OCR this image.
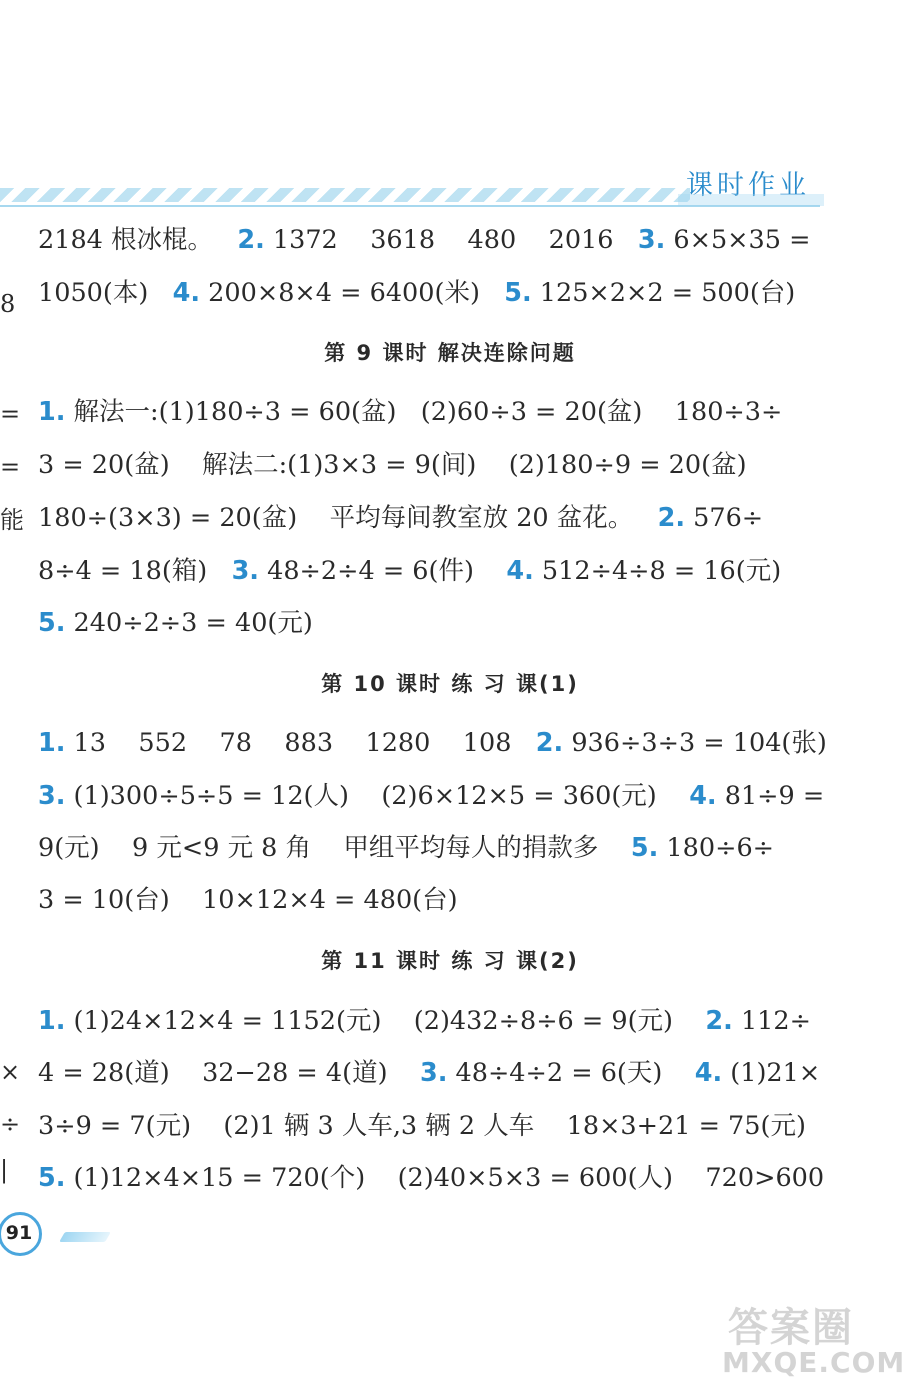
课时作业
8
=
=
能
×
÷
|
2184 根冰棍。   2. 1372    3618    480    2016   3. 6×5×35 =
1050(本)   4. 200×8×4 = 6400(米)   5. 125×2×2 = 500(台)
第 9 课时 解决连除问题
1. 解法一:(1)180÷3 = 60(盆)   (2)60÷3 = 20(盆)    180÷3÷
3 = 20(盆)    解法二:(1)3×3 = 9(间)    (2)180÷9 = 20(盆)
180÷(3×3) = 20(盆)    平均每间教室放 20 盆花。   2. 576÷
8÷4 = 18(箱)   3. 48÷2÷4 = 6(件)    4. 512÷4÷8 = 16(元)
5. 240÷2÷3 = 40(元)
第 10 课时 练 习 课(1)
1. 13    552    78    883    1280    108   2. 936÷3÷3 = 104(张)
3. (1)300÷5÷5 = 12(人)    (2)6×12×5 = 360(元)    4. 81÷9 =
9(元)    9 元<9 元 8 角    甲组平均每人的捐款多    5. 180÷6÷
3 = 10(台)    10×12×4 = 480(台)
第 11 课时 练 习 课(2)
1. (1)24×12×4 = 1152(元)    (2)432÷8÷6 = 9(元)    2. 112÷
4 = 28(道)    32−28 = 4(道)    3. 48÷4÷2 = 6(天)    4. (1)21×
3÷9 = 7(元)    (2)1 辆 3 人车,3 辆 2 人车    18×3+21 = 75(元)
5. (1)12×4×15 = 720(个)    (2)40×5×3 = 600(人)    720>600
91
答案圈
MXQE.COM
